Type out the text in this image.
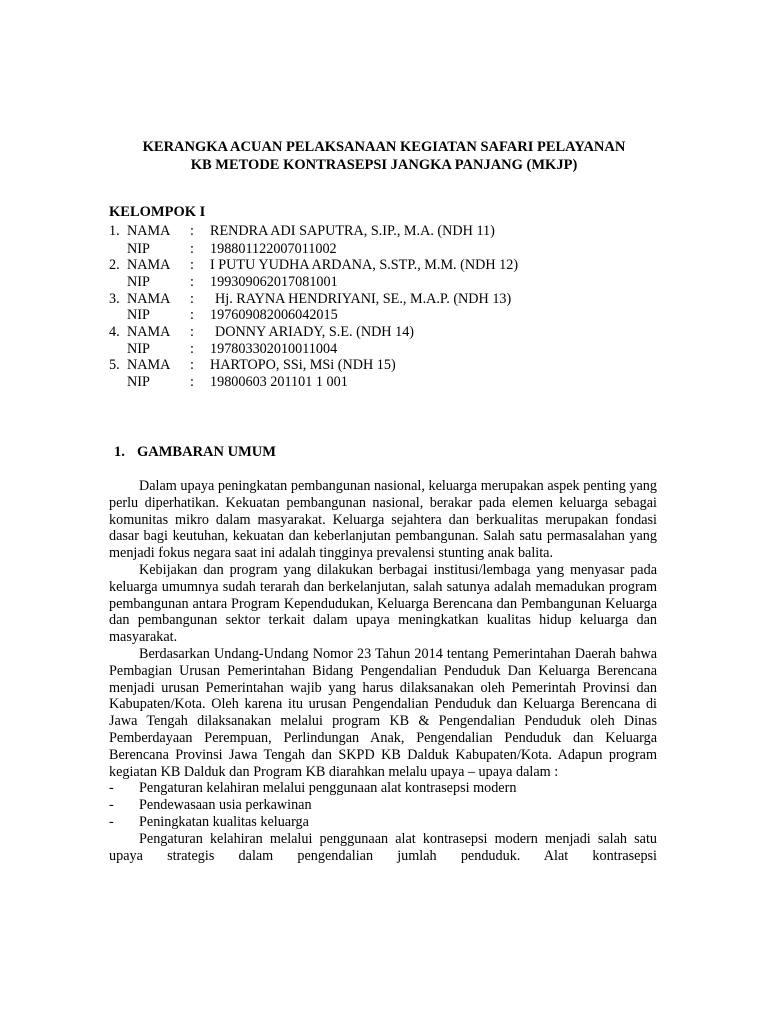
KERANGKA ACUAN PELAKSANAAN KEGIATAN SAFARI PELAYANAN
KB METODE KONTRASEPSI JANGKA PANJANG (MKJP)
KELOMPOK I
1. NAMA : RENDRA ADI SAPUTRA, S.IP., M.A. (NDH 11)
NIP	: 198801122007011002
2. NAMA : I PUTU YUDHA ARDANA, S.STP., M.M. (NDH 12)
NIP	: 199309062017081001
3. NAMA : Hj. RAYNA HENDRIYANI, SE., M.A.P. (NDH 13)
NIP	: 197609082006042015
4. NAMA : DONNY ARIADY, S.E. (NDH 14)
NIP	: 197803302010011004
5. NAMA : HARTOPO, SSi, MSi (NDH 15)
NIP	: 19800603 201101 1 001
1. GAMBARAN UMUM

Dalam upaya peningkatan pembangunan nasional, keluarga merupakan aspek penting yang perlu diperhatikan. Kekuatan pembangunan nasional, berakar pada elemen keluarga sebagai komunitas mikro dalam masyarakat. Keluarga sejahtera dan berkualitas merupakan fondasi dasar bagi keutuhan, kekuatan dan keberlanjutan pembangunan. Salah satu permasalahan yang menjadi fokus negara saat ini adalah tingginya prevalensi stunting anak balita.

Kebijakan dan program yang dilakukan berbagai institusi/lembaga yang menyasar pada keluarga umumnya sudah terarah dan berkelanjutan, salah satunya adalah memadukan program pembangunan antara Program Kependudukan, Keluarga Berencana dan Pembangunan Keluarga dan pembangunan sektor terkait dalam upaya meningkatkan kualitas hidup keluarga dan masyarakat.

Berdasarkan Undang-Undang Nomor 23 Tahun 2014 tentang Pemerintahan Daerah bahwa Pembagian Urusan Pemerintahan Bidang Pengendalian Penduduk Dan Keluarga Berencana menjadi urusan Pemerintahan wajib yang harus dilaksanakan oleh Pemerintah Provinsi dan Kabupaten/Kota. Oleh karena itu urusan Pengendalian Penduduk dan Keluarga Berencana di Jawa Tengah dilaksanakan melalui program KB & Pengendalian Penduduk oleh Dinas Pemberdayaan Perempuan, Perlindungan Anak, Pengendalian Penduduk dan Keluarga Berencana Provinsi Jawa Tengah dan SKPD KB Dalduk Kabupaten/Kota. Adapun program kegiatan KB Dalduk dan Program KB diarahkan melalu upaya – upaya dalam :

- Pengaturan kelahiran melalui penggunaan alat kontrasepsi modern
- Pendewasaan usia perkawinan
- Peningkatan kualitas keluarga

Pengaturan kelahiran melalui penggunaan alat kontrasepsi modern menjadi salah satu upaya strategis dalam pengendalian jumlah penduduk. Alat kontrasepsi
